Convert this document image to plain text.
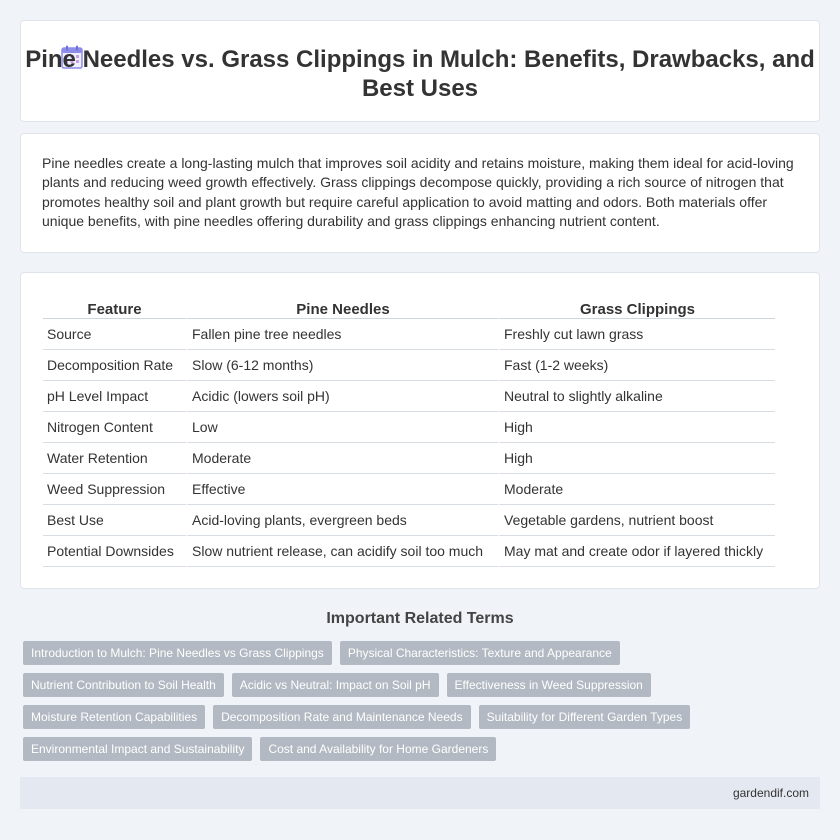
Pine Needles vs. Grass Clippings in Mulch: Benefits, Drawbacks, and Best Uses

Pine needles create a long-lasting mulch that improves soil acidity and retains moisture, making them ideal for acid-loving plants and reducing weed growth effectively. Grass clippings decompose quickly, providing a rich source of nitrogen that promotes healthy soil and plant growth but require careful application to avoid matting and odors. Both materials offer unique benefits, with pine needles offering durability and grass clippings enhancing nutrient content.

Feature	Pine Needles	Grass Clippings
Source	Fallen pine tree needles	Freshly cut lawn grass
Decomposition Rate	Slow (6-12 months)	Fast (1-2 weeks)
pH Level Impact	Acidic (lowers soil pH)	Neutral to slightly alkaline
Nitrogen Content	Low	High
Water Retention	Moderate	High
Weed Suppression	Effective	Moderate
Best Use	Acid-loving plants, evergreen beds	Vegetable gardens, nutrient boost
Potential Downsides	Slow nutrient release, can acidify soil too much	May mat and create odor if layered thickly
Important Related Terms
Introduction to Mulch: Pine Needles vs Grass Clippings	Physical Characteristics: Texture and Appearance
Nutrient Contribution to Soil Health	Acidic vs Neutral: Impact on Soil pH	Effectiveness in Weed Suppression
Moisture Retention Capabilities	Decomposition Rate and Maintenance Needs	Suitability for Different Garden Types
Environmental Impact and Sustainability	Cost and Availability for Home Gardeners
gardendif.com
